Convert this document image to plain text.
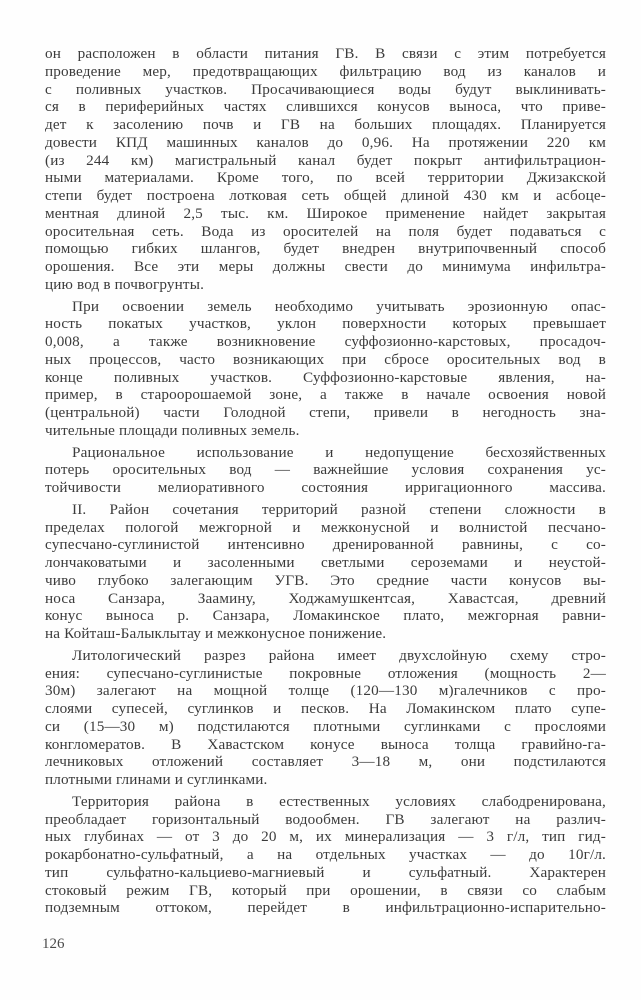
он расположен в области питания ГВ. В связи с этим потребуется
проведение мер, предотвращающих фильтрацию вод из каналов и
с поливных участков. Просачивающиеся воды будут выклинивать-
ся в периферийных частях слившихся конусов выноса, что приве-
дет к засолению почв и ГВ на больших площадях. Планируется
довести КПД машинных каналов до 0,96. На протяжении 220 км
(из 244 км) магистральный канал будет покрыт антифильтрацион-
ными материалами. Кроме того, по всей территории Джизакской
степи будет построена лотковая сеть общей длиной 430 км и асбоце-
ментная длиной 2,5 тыс. км. Широкое применение найдет закрытая
оросительная сеть. Вода из оросителей на поля будет подаваться с
помощью гибких шлангов, будет внедрен внутрипочвенный способ
орошения. Все эти меры должны свести до минимума инфильтра-
цию вод в почвогрунты.
При освоении земель необходимо учитывать эрозионную опас-
ность покатых участков, уклон поверхности которых превышает
0,008, а также возникновение суффозионно-карстовых, просадоч-
ных процессов, часто возникающих при сбросе оросительных вод в
конце поливных участков. Суффозионно-карстовые явления, на-
пример, в староорошаемой зоне, а также в начале освоения новой
(центральной) части Голодной степи, привели в негодность зна-
чительные площади поливных земель.
Рациональное использование и недопущение бесхозяйственных
потерь оросительных вод — важнейшие условия сохранения ус-
тойчивости мелиоративного состояния ирригационного массива.
II. Район сочетания территорий разной степени сложности в
пределах пологой межгорной и межконусной и волнистой песчано-
супесчано-суглинистой интенсивно дренированной равнины, с со-
лончаковатыми и засоленными светлыми сероземами и неустой-
чиво глубоко залегающим УГВ. Это средние части конусов вы-
носа Санзара, Заамину, Ходжамушкентсая, Хавастсая, древний
конус выноса р. Санзара, Ломакинское плато, межгорная равни-
на Койташ-Балыклытау и межконусное понижение.
Литологический разрез района имеет двухслойную схему стро-
ения: супесчано-суглинистые покровные отложения (мощность 2—
30м) залегают на мощной толще (120—130 м)галечников с про-
слоями супесей, суглинков и песков. На Ломакинском плато супе-
си (15—30 м) подстилаются плотными суглинками с прослоями
конгломератов. В Хавастском конусе выноса толща гравийно-га-
лечниковых отложений составляет 3—18 м, они подстилаются
плотными глинами и суглинками.
Территория района в естественных условиях слабодренирована,
преобладает горизонтальный водообмен. ГВ залегают на различ-
ных глубинах — от 3 до 20 м, их минерализация — 3 г/л, тип гид-
рокарбонатно-сульфатный, а на отдельных участках — до 10г/л.
тип сульфатно-кальциево-магниевый и сульфатный. Характерен
стоковый режим ГВ, который при орошении, в связи со слабым
подземным оттоком, перейдет в инфильтрационно-испарительно-
126
